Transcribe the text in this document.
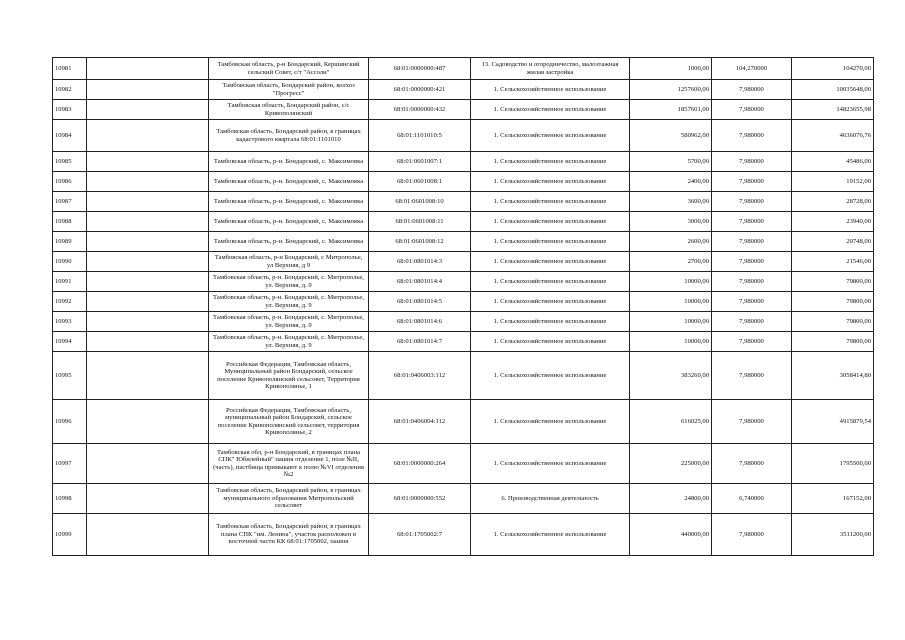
10981		Тамбовская область, р-н Бондарский, Кершинский сельский Совет, с/т "Ассоли"	68:01:0000000:487	13. Садоводство и огородничество, малоэтажная жилая застройка	1000,00	104,270000	104270,00
10982		Тамбовская область, Бондарский район, колхоз "Прогресс"	68:01:0000000:421	1. Сельскохозяйственное использование	1257600,00	7,980000	10035648,00
10983		Тамбовская область, Бондарский район, с/с Кривополянский	68:01:0000000:432	1. Сельскохозяйственное использование	1857601,00	7,980000	14823655,98
10984		Тамбовская область, Бондарский район, в границах кадастрового квартала 68:01:1101010	68:01:1101010:5	1. Сельскохозяйственное использование	580962,00	7,980000	4636076,76
10985		Тамбовская область, р-н. Бондарский, с. Максимовка	68:01:0601007:1	1. Сельскохозяйственное использование	5700,00	7,980000	45486,00
10986		Тамбовская область, р-н. Бондарский, с. Максимовка	68:01:0601008:1	1. Сельскохозяйственное использование	2400,00	7,980000	19152,00
10987		Тамбовская область, р-н. Бондарский, с. Максимовка	68:01:0601008:10	1. Сельскохозяйственное использование	3600,00	7,980000	28728,00
10988		Тамбовская область, р-н. Бондарский, с. Максимовка	68:01:0601008:11	1. Сельскохозяйственное использование	3000,00	7,980000	23940,00
10989		Тамбовская область, р-н. Бондарский, с. Максимовка	68:01:0601008:12	1. Сельскохозяйственное использование	2600,00	7,980000	20748,00
10990		Тамбовская область, р-н Бондарский, с Митрополье, ул Верхняя, д 9	68:01:0801014:3	1. Сельскохозяйственное использование	2700,00	7,980000	21546,00
10991		Тамбовская область, р-н. Бондарский, с. Митрополье, ул. Верхняя, д. 9	68:01:0801014:4	1. Сельскохозяйственное использование	10000,00	7,980000	79800,00
10992		Тамбовская область, р-н. Бондарский, с. Митрополье, ул. Верхняя, д. 9	68:01:0801014:5	1. Сельскохозяйственное использование	10000,00	7,980000	79800,00
10993		Тамбовская область, р-н. Бондарский, с. Митрополье, ул. Верхняя, д. 9	68:01:0801014:6	1. Сельскохозяйственное использование	10000,00	7,980000	79800,00
10994		Тамбовская область, р-н. Бондарский, с. Митрополье, ул. Верхняя, д. 9	68:01:0801014:7	1. Сельскохозяйственное использование	10000,00	7,980000	79800,00
10995		Российская Федерация, Тамбовская область, Муниципальный район Бондарский, сельское поселение Кривополянский сельсовет, Территория Кривополянье, 1	68:01:0406003:112	1. Сельскохозяйственное использование	383260,00	7,980000	3058414,80
10996		Российская Федерация, Тамбовская область, муниципальный район Бондарский, сельское поселение Кривополянский сельсовет, территория Кривополянье, 2	68:01:0406004:112	1. Сельскохозяйственное использование	616025,00	7,980000	4915879,54
10997		Тамбовская обл, р-н Бондарский, в границах плана СПК" Юбилейный" пашня отделение 1, поле №II, (часть), пастбища примыкают к полю №VI отделения №2	68:01:0000000:264	1. Сельскохозяйственное использование	225000,00	7,980000	1795500,00
10998		Тамбовская область, Бондарский район, в границах муниципального образования Митропольский сельсовет	68:01:0000000:552	6. Производственная деятельность	24800,00	6,740000	167152,00
10999		Тамбовская область, Бондарский район, в границах плана СПК "им. Ленина", участок расположен в восточной части КК 68:01:1705002, пашня	68:01:1705002:7	1. Сельскохозяйственное использование	440000,00	7,980000	3511200,00
